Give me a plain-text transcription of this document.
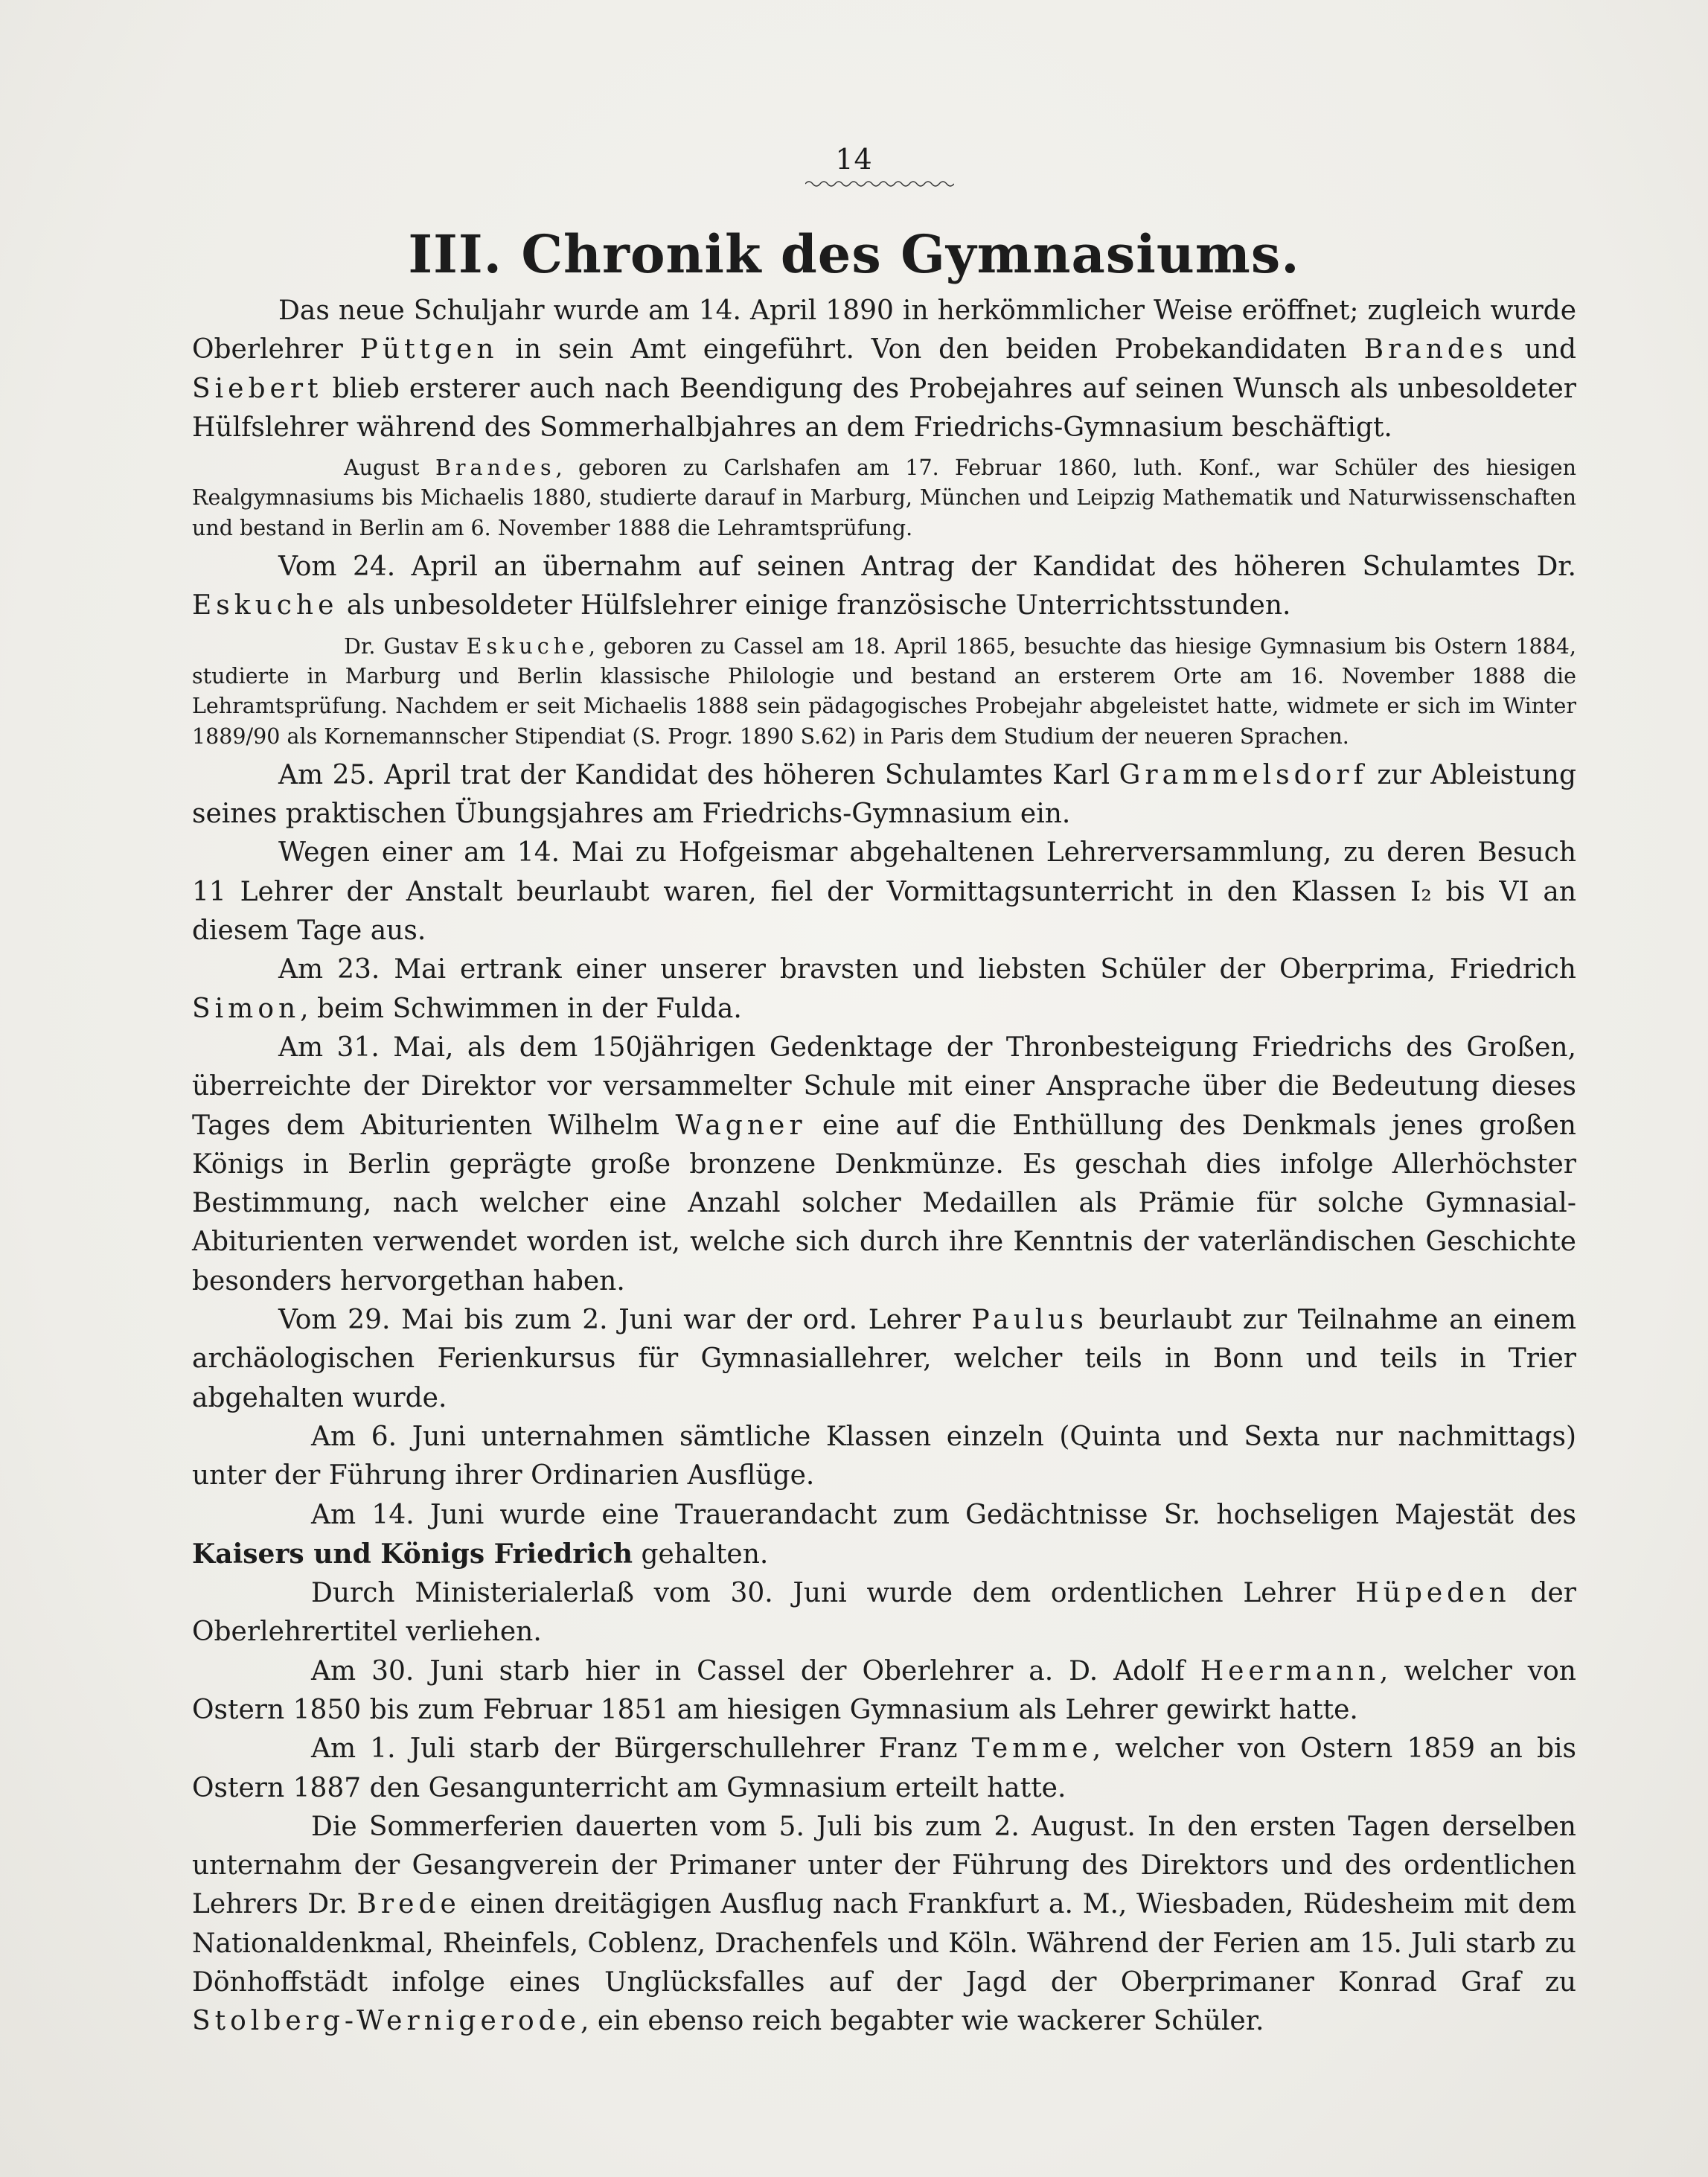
14
III. Chronik des Gymnasiums.

Das neue Schuljahr wurde am 14. April 1890 in herkömmlicher Weise eröffnet; zugleich wurde Oberlehrer Püttgen in sein Amt eingeführt. Von den beiden Probekandidaten Brandes und Siebert blieb ersterer auch nach Beendigung des Probejahres auf seinen Wunsch als unbesoldeter Hülfslehrer während des Sommerhalbjahres an dem Friedrichs-Gymnasium beschäftigt.

August Brandes, geboren zu Carlshafen am 17. Februar 1860, luth. Konf., war Schüler des hiesigen Realgymnasiums bis Michaelis 1880, studierte darauf in Marburg, München und Leipzig Mathematik und Naturwissenschaften und bestand in Berlin am 6. November 1888 die Lehramtsprüfung.

Vom 24. April an übernahm auf seinen Antrag der Kandidat des höheren Schulamtes Dr. Eskuche als unbesoldeter Hülfslehrer einige französische Unterrichtsstunden.

Dr. Gustav Eskuche, geboren zu Cassel am 18. April 1865, besuchte das hiesige Gymnasium bis Ostern 1884, studierte in Marburg und Berlin klassische Philologie und bestand an ersterem Orte am 16. November 1888 die Lehramtsprüfung. Nachdem er seit Michaelis 1888 sein pädagogisches Probejahr abgeleistet hatte, widmete er sich im Winter 1889/90 als Kornemannscher Stipendiat (S. Progr. 1890 S.62) in Paris dem Studium der neueren Sprachen.

Am 25. April trat der Kandidat des höheren Schulamtes Karl Grammelsdorf zur Ableistung seines praktischen Übungsjahres am Friedrichs-Gymnasium ein.

Wegen einer am 14. Mai zu Hofgeismar abgehaltenen Lehrerversammlung, zu deren Besuch 11 Lehrer der Anstalt beurlaubt waren, fiel der Vormittagsunterricht in den Klassen I₂ bis VI an diesem Tage aus.

Am 23. Mai ertrank einer unserer bravsten und liebsten Schüler der Oberprima, Friedrich Simon, beim Schwimmen in der Fulda.

Am 31. Mai, als dem 150jährigen Gedenktage der Thronbesteigung Friedrichs des Großen, überreichte der Direktor vor versammelter Schule mit einer Ansprache über die Bedeutung dieses Tages dem Abiturienten Wilhelm Wagner eine auf die Enthüllung des Denkmals jenes großen Königs in Berlin geprägte große bronzene Denkmünze. Es geschah dies infolge Allerhöchster Bestimmung, nach welcher eine Anzahl solcher Medaillen als Prämie für solche Gymnasial-Abiturienten verwendet worden ist, welche sich durch ihre Kenntnis der vaterländischen Geschichte besonders hervorgethan haben.

Vom 29. Mai bis zum 2. Juni war der ord. Lehrer Paulus beurlaubt zur Teilnahme an einem archäologischen Ferienkursus für Gymnasiallehrer, welcher teils in Bonn und teils in Trier abgehalten wurde.

Am 6. Juni unternahmen sämtliche Klassen einzeln (Quinta und Sexta nur nachmittags) unter der Führung ihrer Ordinarien Ausflüge.

Am 14. Juni wurde eine Trauerandacht zum Gedächtnisse Sr. hochseligen Majestät des Kaisers und Königs Friedrich gehalten.

Durch Ministerialerlaß vom 30. Juni wurde dem ordentlichen Lehrer Hüpeden der Oberlehrertitel verliehen.

Am 30. Juni starb hier in Cassel der Oberlehrer a. D. Adolf Heermann, welcher von Ostern 1850 bis zum Februar 1851 am hiesigen Gymnasium als Lehrer gewirkt hatte.

Am 1. Juli starb der Bürgerschullehrer Franz Temme, welcher von Ostern 1859 an bis Ostern 1887 den Gesangunterricht am Gymnasium erteilt hatte.

Die Sommerferien dauerten vom 5. Juli bis zum 2. August. In den ersten Tagen derselben unternahm der Gesangverein der Primaner unter der Führung des Direktors und des ordentlichen Lehrers Dr. Brede einen dreitägigen Ausflug nach Frankfurt a. M., Wiesbaden, Rüdesheim mit dem Nationaldenkmal, Rheinfels, Coblenz, Drachenfels und Köln. Während der Ferien am 15. Juli starb zu Dönhoffstädt infolge eines Unglücksfalles auf der Jagd der Oberprimaner Konrad Graf zu Stolberg-Wernigerode, ein ebenso reich begabter wie wackerer Schüler.
